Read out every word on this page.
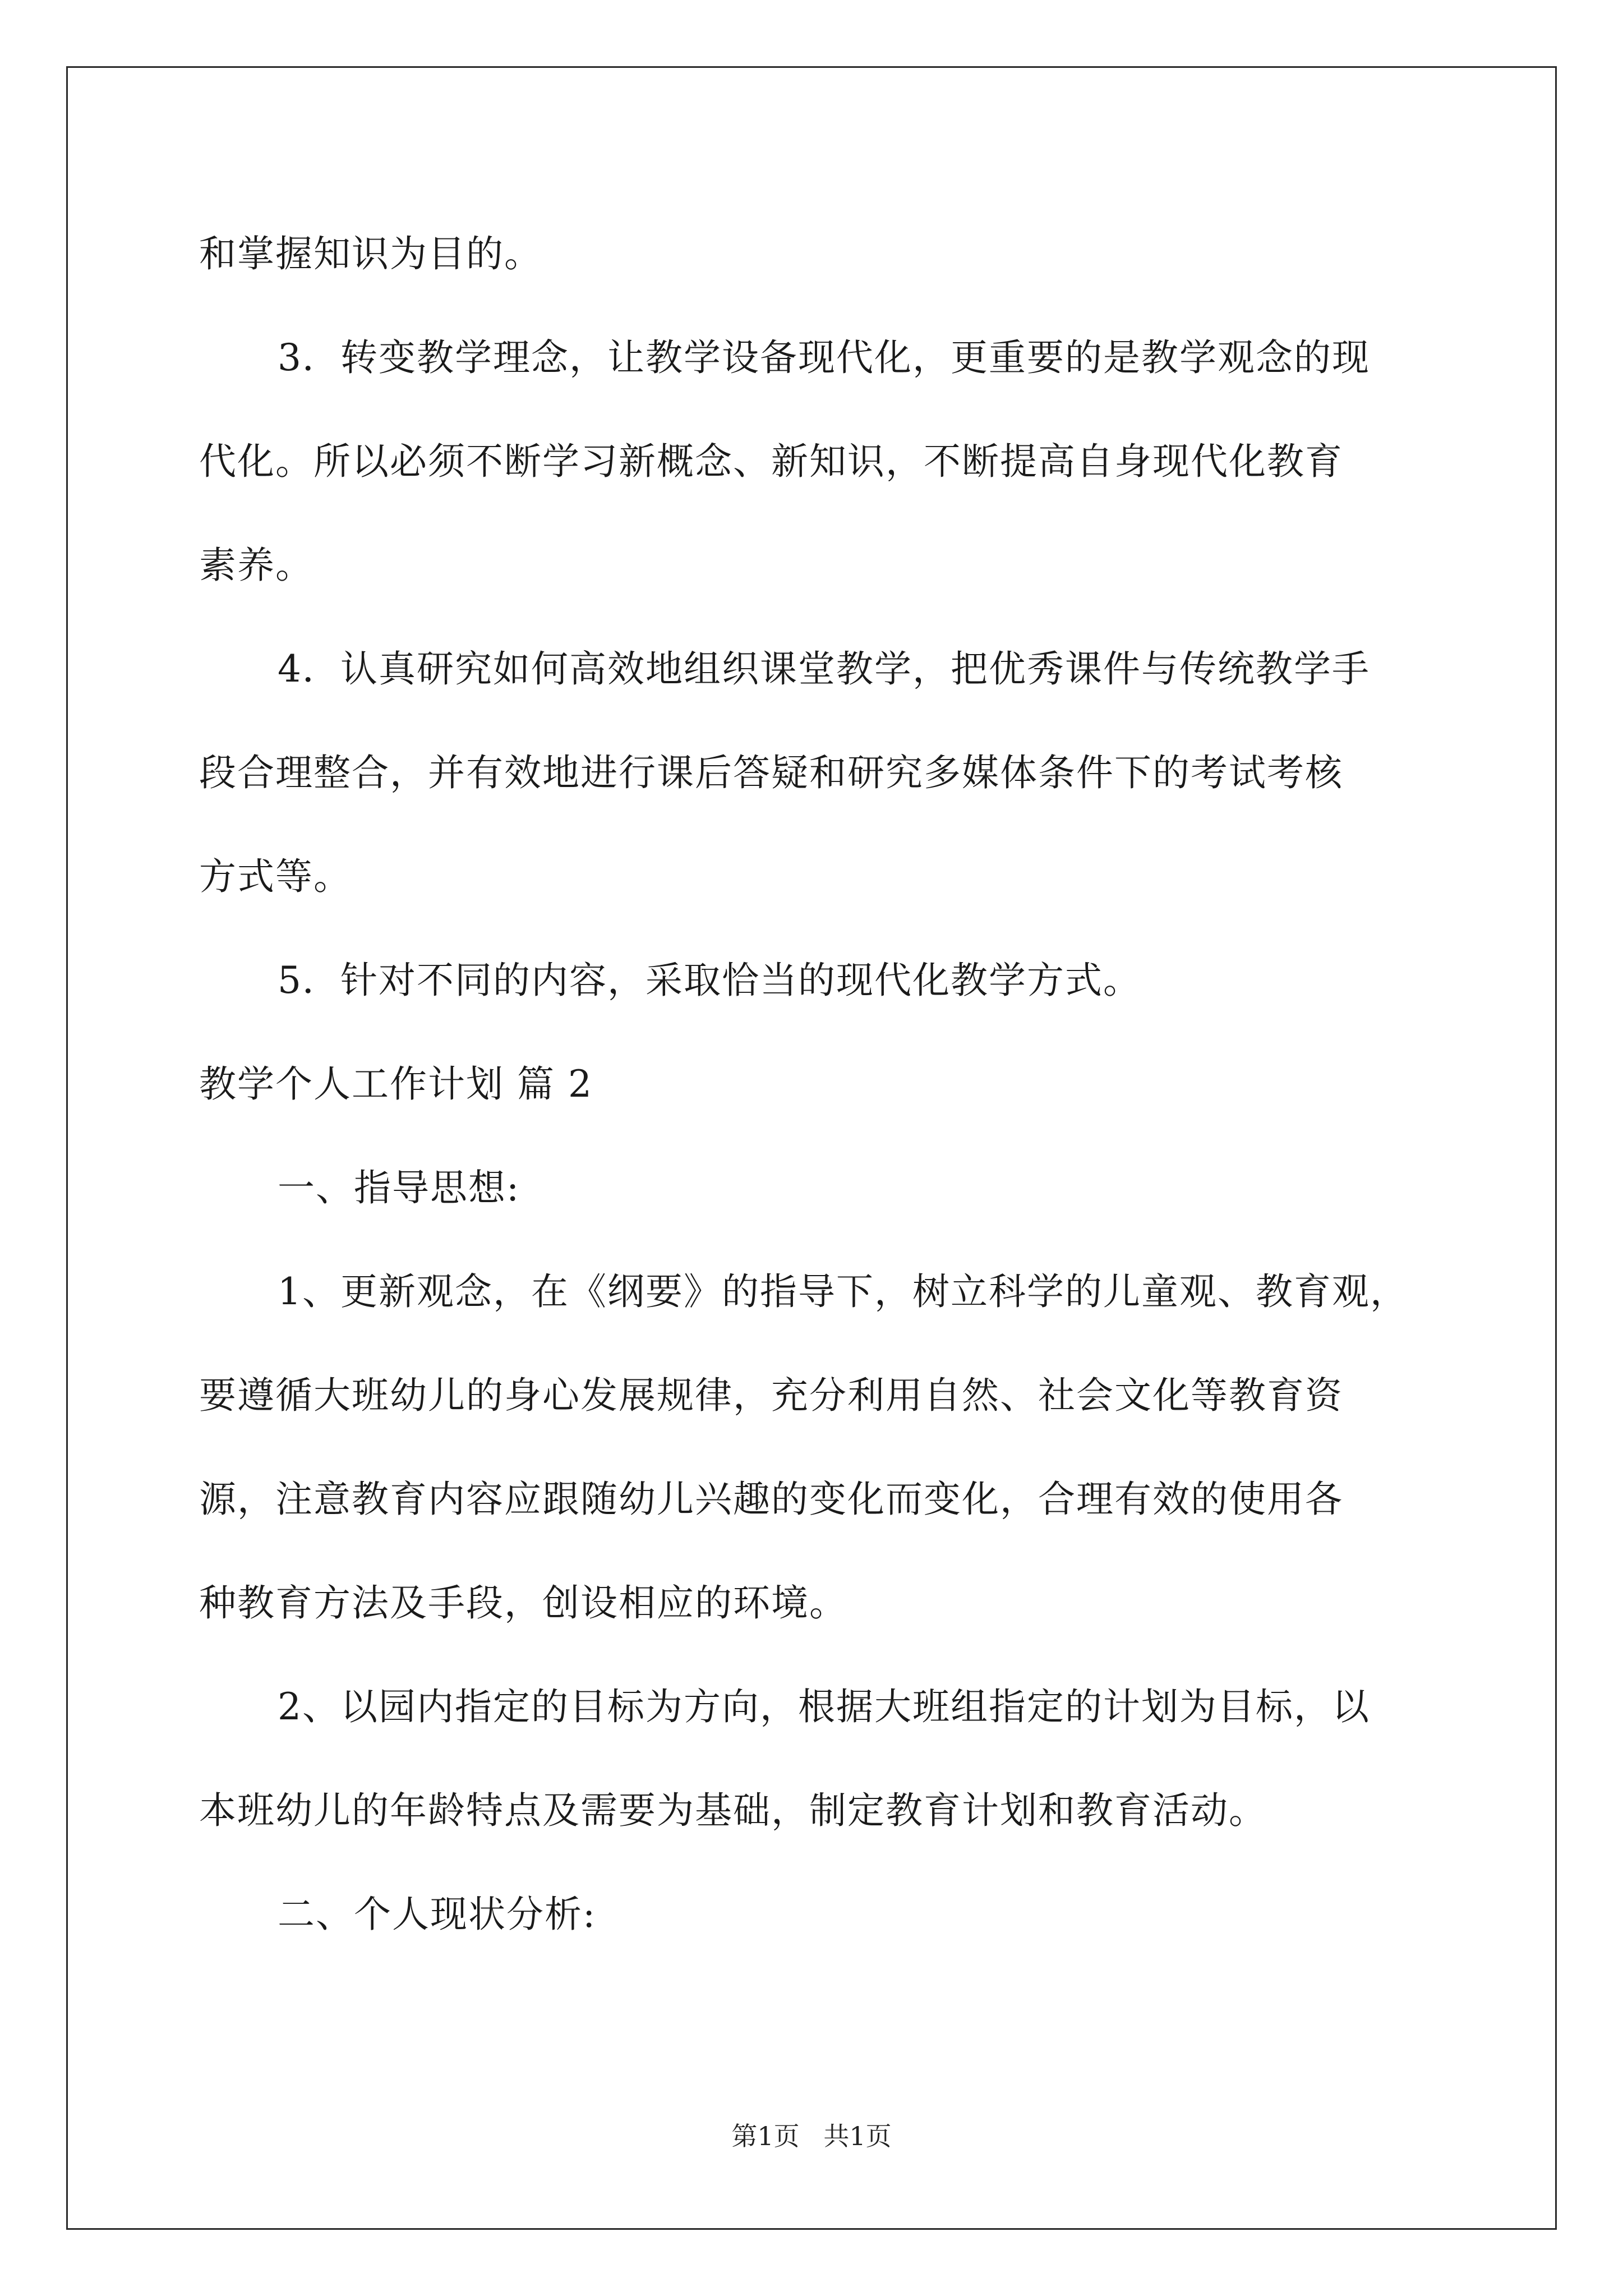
和掌握知识为目的。

3．转变教学理念，让教学设备现代化，更重要的是教学观念的现

代化。所以必须不断学习新概念、新知识，不断提高自身现代化教育

素养。

4．认真研究如何高效地组织课堂教学，把优秀课件与传统教学手

段合理整合，并有效地进行课后答疑和研究多媒体条件下的考试考核

方式等。

5．针对不同的内容，采取恰当的现代化教学方式。

教学个人工作计划 篇 2

一、指导思想:

1、更新观念，在《纲要》的指导下，树立科学的儿童观、教育观，

要遵循大班幼儿的身心发展规律，充分利用自然、社会文化等教育资

源，注意教育内容应跟随幼儿兴趣的变化而变化，合理有效的使用各

种教育方法及手段，创设相应的环境。

2、以园内指定的目标为方向，根据大班组指定的计划为目标，以

本班幼儿的年龄特点及需要为基础，制定教育计划和教育活动。

二、个人现状分析:

第1页 共1页
